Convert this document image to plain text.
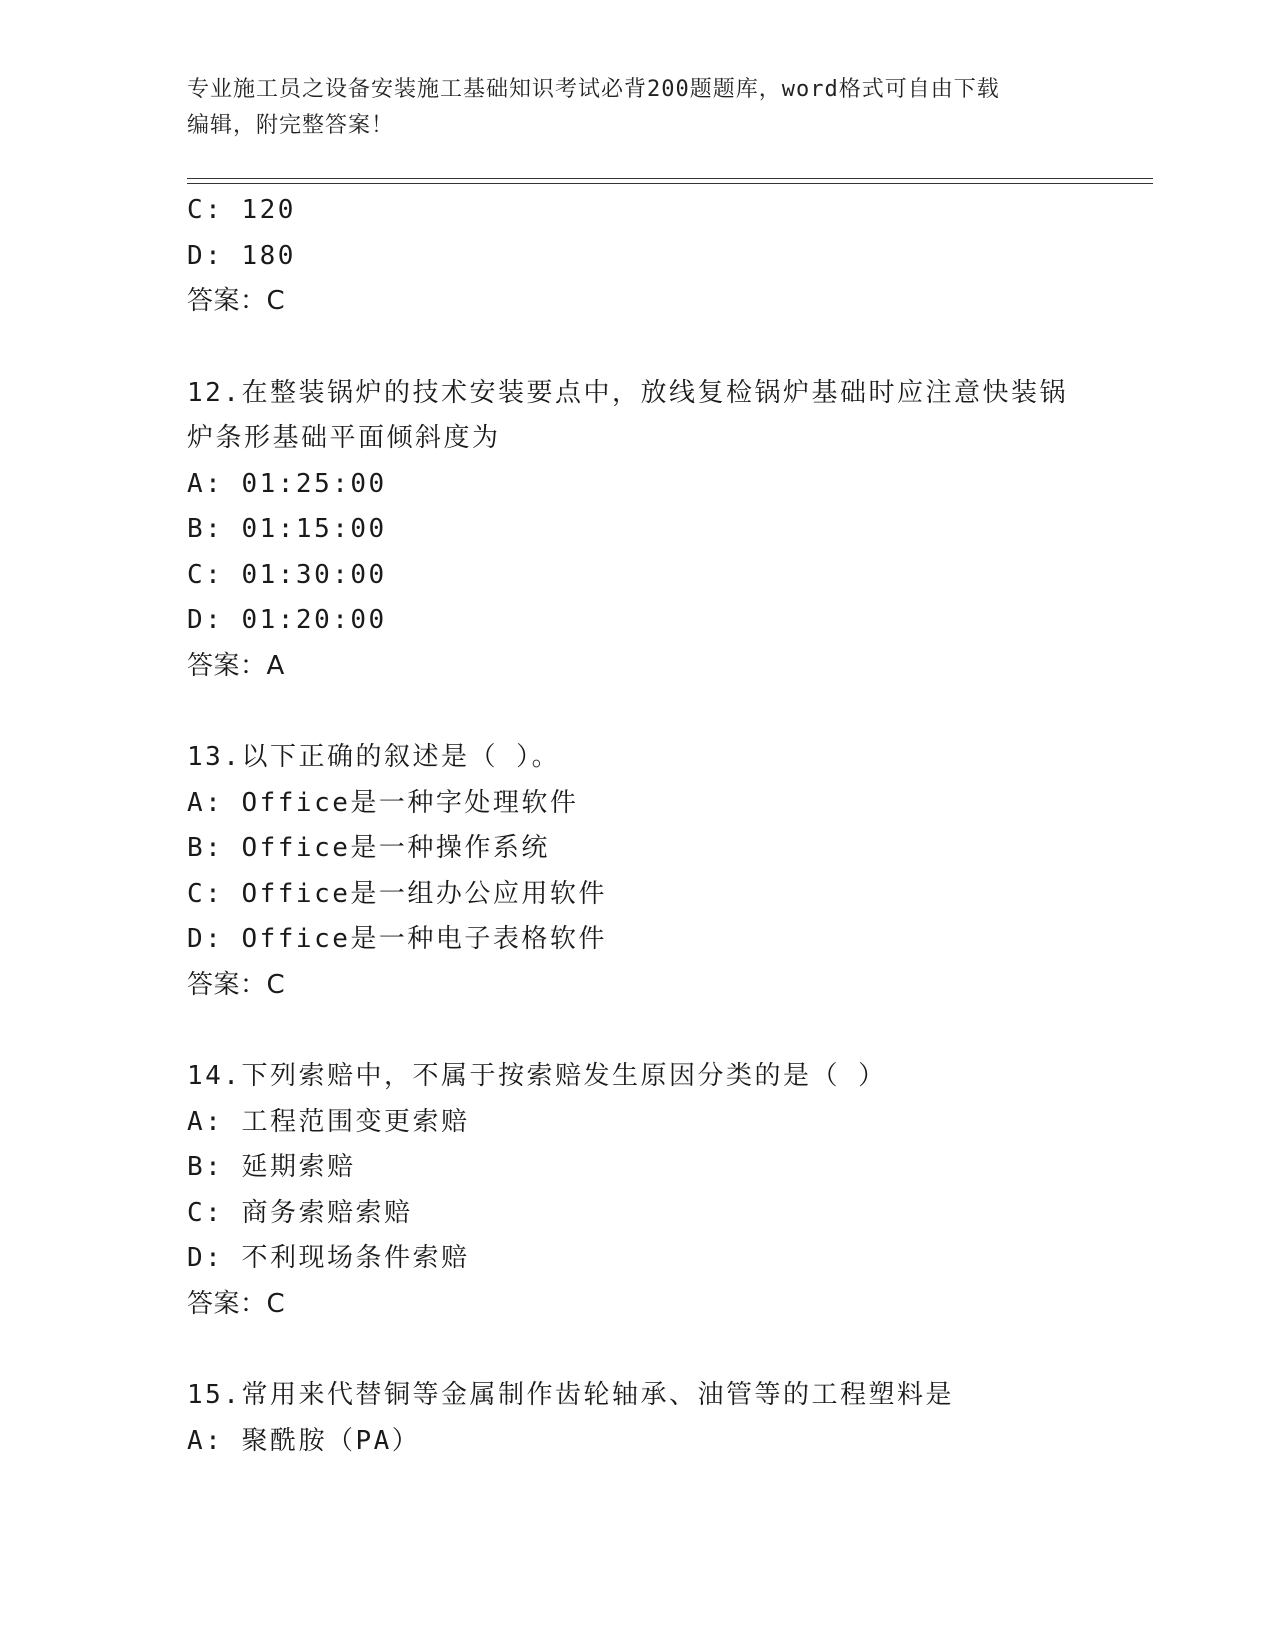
专业施工员之设备安装施工基础知识考试必背200题题库，word格式可自由下载
编辑，附完整答案！
C: 120
D: 180
答案：C
12.在整装锅炉的技术安装要点中，放线复检锅炉基础时应注意快装锅
炉条形基础平面倾斜度为
A: 01:25:00
B: 01:15:00
C: 01:30:00
D: 01:20:00
答案：A
13.以下正确的叙述是（ ）。
A: Office是一种字处理软件
B: Office是一种操作系统
C: Office是一组办公应用软件
D: Office是一种电子表格软件
答案：C
14.下列索赔中，不属于按索赔发生原因分类的是（ ）
A: 工程范围变更索赔
B: 延期索赔
C: 商务索赔索赔
D: 不利现场条件索赔
答案：C
15.常用来代替铜等金属制作齿轮轴承、油管等的工程塑料是
A: 聚酰胺（PA）
